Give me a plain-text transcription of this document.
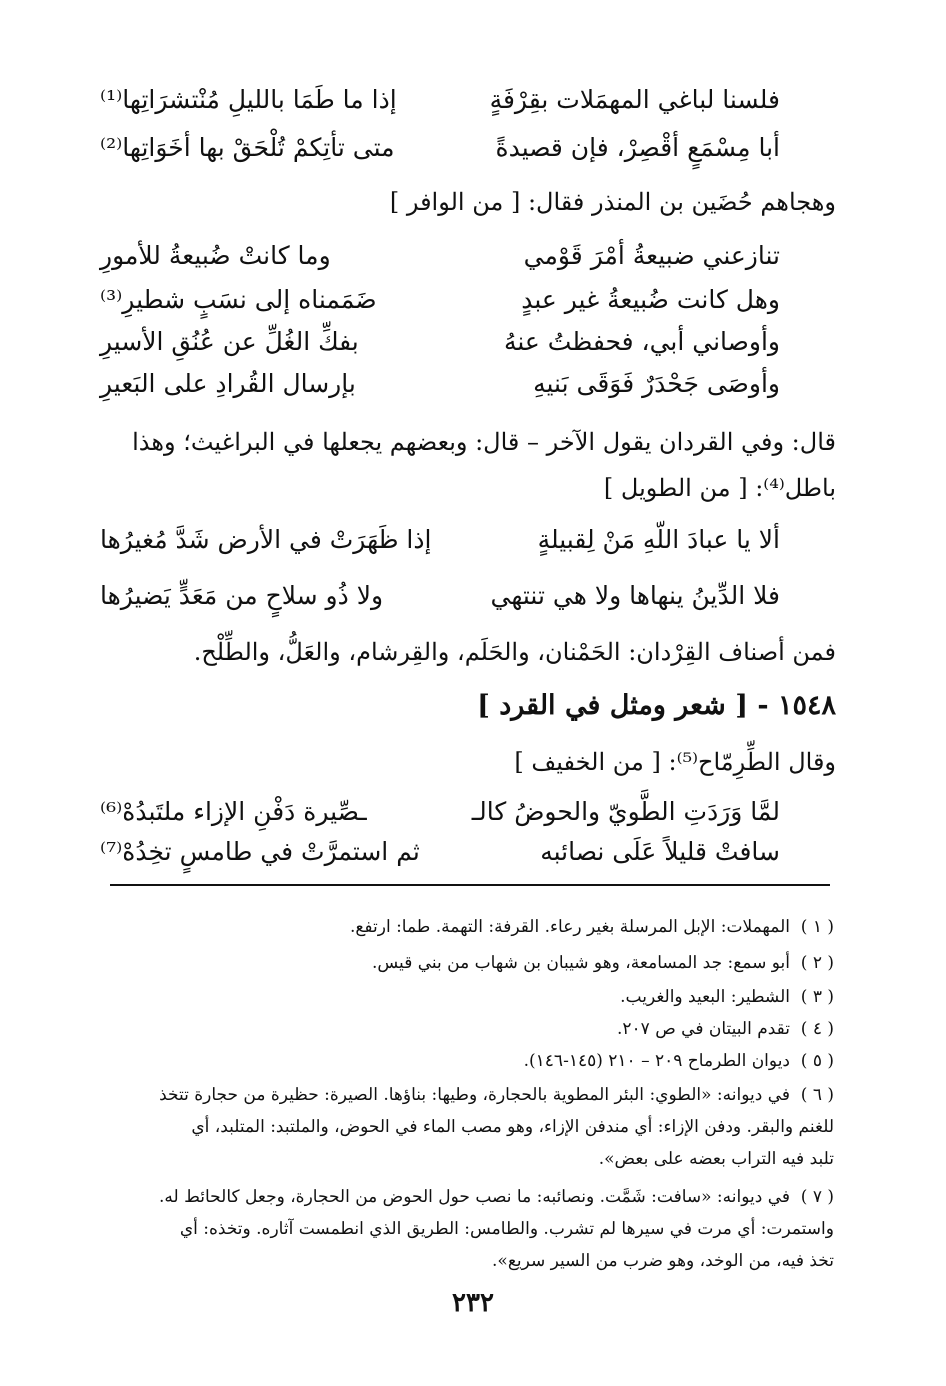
فلسنا لباغي المهمَلات بقِرْفَةٍ
إذا ما طَمَا بالليلِ مُنْتشرَاتِها⁽¹⁾
أبا مِسْمَعٍ أقْصِرْ، فإن قصيدةً
متى تأتِكمْ تُلْحَقْ بها أخَوَاتِها⁽²⁾
وهجاهم حُضَين بن المنذر فقال: [ من الوافر ]
تنازعني ضبيعةُ أمْرَ قَوْمي
وما كانتْ ضُبيعةُ للأمورِ
وهل كانت ضُبيعةُ غير عبدٍ
ضَمَمناه إلى نسَبٍ شطيرِ⁽³⁾
وأوصاني أبي، فحفظتُ عنهُ
بفكِّ الغُلِّ عن عُنُقِ الأسيرِ
وأوصَى جَحْدَرٌ فَوَقَى بَنيهِ
بإرسال القُرادِ على البَعيرِ
قال: وفي القردان يقول الآخر – قال: وبعضهم يجعلها في البراغيث؛ وهذا
باطل⁽⁴⁾: [ من الطويل ]
ألا يا عبادَ اللّهِ مَنْ لِقبيلةٍ
إذا ظَهَرَتْ في الأرض شَدَّ مُغيرُها
فلا الدِّينُ ينهاها ولا هي تنتهي
ولا ذُو سلاحٍ من مَعَدٍّ يَضيرُها
فمن أصناف القِرْدان: الحَمْنان، والحَلَم، والقِرشام، والعَلُّ، والطِّلْح.
١٥٤٨ - [ شعر ومثل في القرد ]
وقال الطِّرِمّاح⁽⁵⁾: [ من الخفيف ]
لمَّا وَرَدَتِ الطَّويّ والحوضُ كالـ
ـصِّيرة دَفْنِ الإزاء ملتَبدُهْ⁽⁶⁾
سافتْ قليلاً عَلَى نصائبه
ثم استمرَّتْ في طامسٍ تخِدُهْ⁽⁷⁾
( ١ )
المهملات: الإبل المرسلة بغير رعاء. القرفة: التهمة. طما: ارتفع.
( ٢ )
أبو سمع: جد المسامعة، وهو شيبان بن شهاب من بني قيس.
( ٣ )
الشطير: البعيد والغريب.
( ٤ )
تقدم البيتان في ص ٢٠٧.
( ٥ )
ديوان الطرماح ٢٠٩ – ٢١٠ (١٤٥-١٤٦).
( ٦ )
في ديوانه: «الطوي: البئر المطوية بالحجارة، وطيها: بناؤها. الصيرة: حظيرة من حجارة تتخذ
للغنم والبقر. ودفن الإزاء: أي مندفن الإزاء، وهو مصب الماء في الحوض، والملتبد: المتلبد، أي
تلبد فيه التراب بعضه على بعض».
( ٧ )
في ديوانه: «سافت: شَمَّت. ونصائبه: ما نصب حول الحوض من الحجارة، وجعل كالحائط له.
واستمرت: أي مرت في سيرها لم تشرب. والطامس: الطريق الذي انطمست آثاره. وتخذه: أي
تخذ فيه، من الوخد، وهو ضرب من السير سريع».
٢٣٢
